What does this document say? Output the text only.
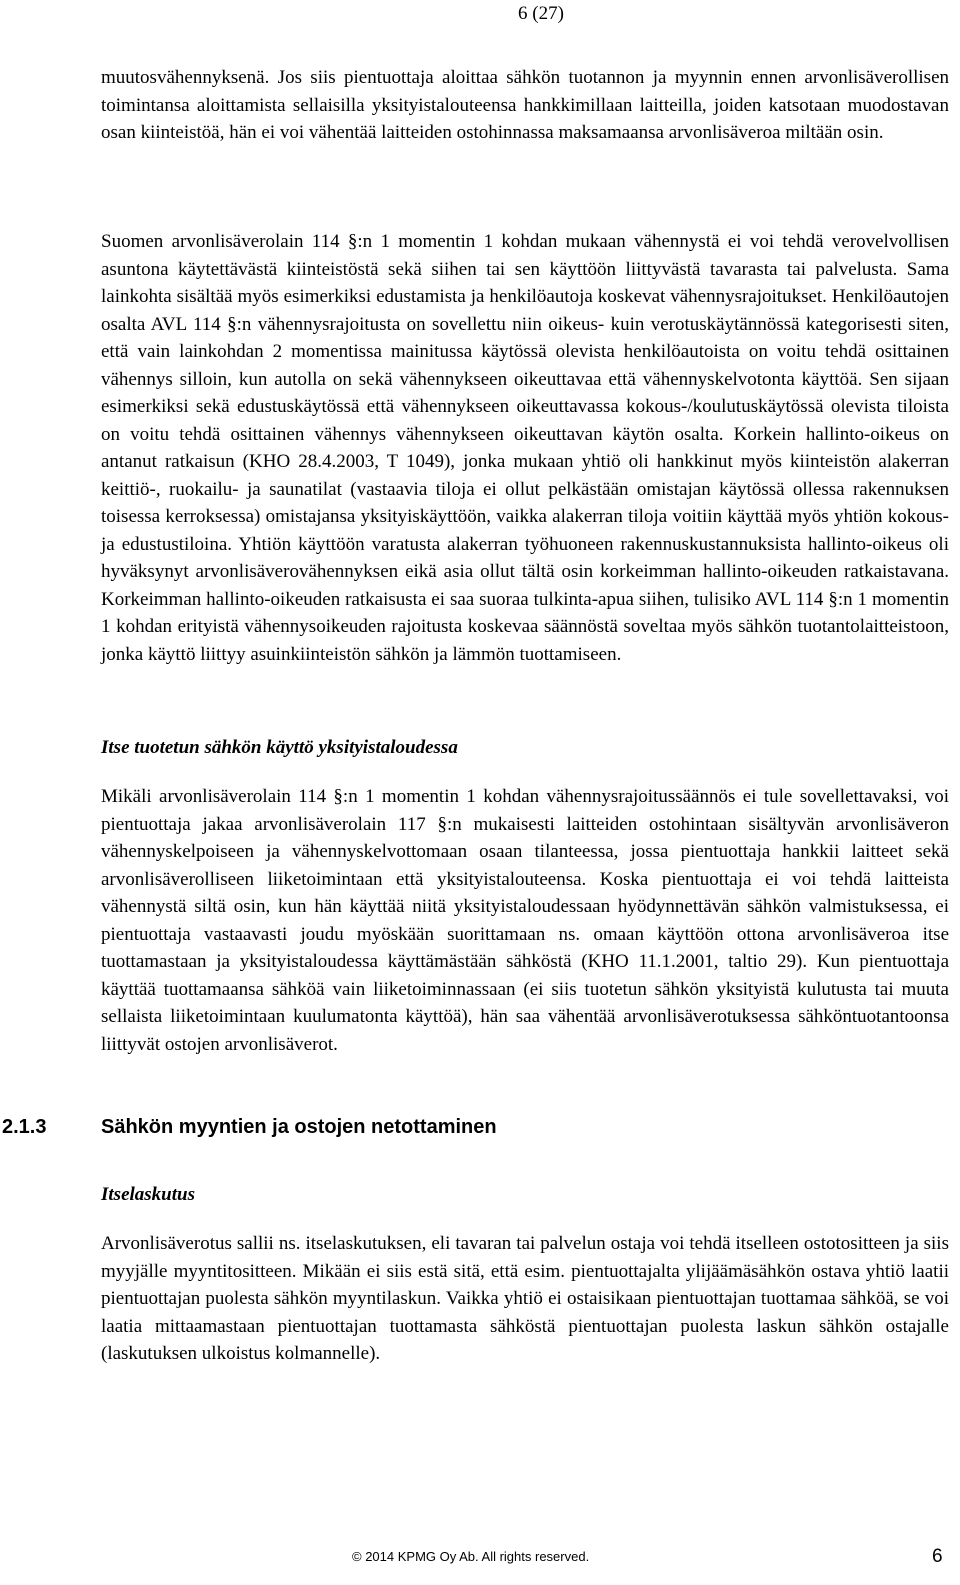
6 (27)

muutosvähennyksenä. Jos siis pientuottaja aloittaa sähkön tuotannon ja myynnin ennen arvonlisäverollisen toimintansa aloittamista sellaisilla yksityistalouteensa hankkimillaan laitteilla, joiden katsotaan muodostavan osan kiinteistöä, hän ei voi vähentää laitteiden ostohinnassa maksamaansa arvonlisäveroa miltään osin.

Suomen arvonlisäverolain 114 §:n 1 momentin 1 kohdan mukaan vähennystä ei voi tehdä verovelvollisen asuntona käytettävästä kiinteistöstä sekä siihen tai sen käyttöön liittyvästä tavarasta tai palvelusta. Sama lainkohta sisältää myös esimerkiksi edustamista ja henkilöautoja koskevat vähennysrajoitukset. Henkilöautojen osalta AVL 114 §:n vähennysrajoitusta on sovellettu niin oikeus- kuin verotuskäytännössä kategorisesti siten, että vain lainkohdan 2 momentissa mainitussa käytössä olevista henkilöautoista on voitu tehdä osittainen vähennys silloin, kun autolla on sekä vähennykseen oikeuttavaa että vähennyskelvotonta käyttöä. Sen sijaan esimerkiksi sekä edustuskäytössä että vähennykseen oikeuttavassa kokous-/koulutuskäytössä olevista tiloista on voitu tehdä osittainen vähennys vähennykseen oikeuttavan käytön osalta. Korkein hallinto-oikeus on antanut ratkaisun (KHO 28.4.2003, T 1049), jonka mukaan yhtiö oli hankkinut myös kiinteistön alakerran keittiö-, ruokailu- ja saunatilat (vastaavia tiloja ei ollut pelkästään omistajan käytössä ollessa rakennuksen toisessa kerroksessa) omistajansa yksityiskäyttöön, vaikka alakerran tiloja voitiin käyttää myös yhtiön kokous- ja edustustiloina. Yhtiön käyttöön varatusta alakerran työhuoneen rakennuskustannuksista hallinto-oikeus oli hyväksynyt arvonlisäverovähennyksen eikä asia ollut tältä osin korkeimman hallinto-oikeuden ratkaistavana. Korkeimman hallinto-oikeuden ratkaisusta ei saa suoraa tulkinta-apua siihen, tulisiko AVL 114 §:n 1 momentin 1 kohdan erityistä vähennysoikeuden rajoitusta koskevaa säännöstä soveltaa myös sähkön tuotantolaitteistoon, jonka käyttö liittyy asuinkiinteistön sähkön ja lämmön tuottamiseen.

Itse tuotetun sähkön käyttö yksityistaloudessa

Mikäli arvonlisäverolain 114 §:n 1 momentin 1 kohdan vähennysrajoitussäännös ei tule sovellettavaksi, voi pientuottaja jakaa arvonlisäverolain 117 §:n mukaisesti laitteiden ostohintaan sisältyvän arvonlisäveron vähennyskelpoiseen ja vähennyskelvottomaan osaan tilanteessa, jossa pientuottaja hankkii laitteet sekä arvonlisäverolliseen liiketoimintaan että yksityistalouteensa. Koska pientuottaja ei voi tehdä laitteista vähennystä siltä osin, kun hän käyttää niitä yksityistaloudessaan hyödynnettävän sähkön valmistuksessa, ei pientuottaja vastaavasti joudu myöskään suorittamaan ns. omaan käyttöön ottona arvonlisäveroa itse tuottamastaan ja yksityistaloudessa käyttämästään sähköstä (KHO 11.1.2001, taltio 29). Kun pientuottaja käyttää tuottamaansa sähköä vain liiketoiminnassaan (ei siis tuotetun sähkön yksityistä kulutusta tai muuta sellaista liiketoimintaan kuulumatonta käyttöä), hän saa vähentää arvonlisäverotuksessa sähköntuotantoonsa liittyvät ostojen arvonlisäverot.

2.1.3	Sähkön myyntien ja ostojen netottaminen
Itselaskutus

Arvonlisäverotus sallii ns. itselaskutuksen, eli tavaran tai palvelun ostaja voi tehdä itselleen ostotositteen ja siis myyjälle myyntitositteen. Mikään ei siis estä sitä, että esim. pientuottajalta ylijäämäsähkön ostava yhtiö laatii pientuottajan puolesta sähkön myyntilaskun. Vaikka yhtiö ei ostaisikaan pientuottajan tuottamaa sähköä, se voi laatia mittaamastaan pientuottajan tuottamasta sähköstä pientuottajan puolesta laskun sähkön ostajalle (laskutuksen ulkoistus kolmannelle).

© 2014 KPMG Oy Ab. All rights reserved.	6
